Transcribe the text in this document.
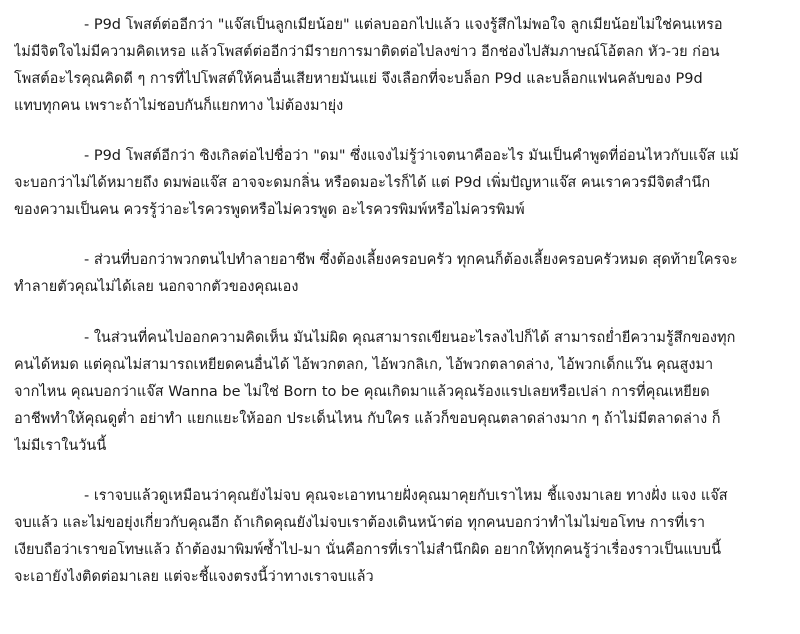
- P9d โพสต์ต่ออีกว่า "แจ๊สเป็นลูกเมียน้อย" แต่ลบออกไปแล้ว แจงรู้สึกไม่พอใจ ลูกเมียน้อยไม่ใช่คนเหรอ
ไม่มีจิตใจไม่มีความคิดเหรอ แล้วโพสต์ต่ออีกว่ามีรายการมาติดต่อไปลงข่าว อีกช่องไปสัมภาษณ์โอ้ตลก หัว-วย ก่อน
โพสต์อะไรคุณคิดดี ๆ การที่ไปโพสต์ให้คนอื่นเสียหายมันแย่ จึงเลือกที่จะบล็อก P9d และบล็อกแฟนคลับของ P9d
แทบทุกคน เพราะถ้าไม่ชอบกันก็แยกทาง ไม่ต้องมายุ่ง
- P9d โพสต์อีกว่า ซิงเกิลต่อไปชื่อว่า "ดม" ซึ่งแจงไม่รู้ว่าเจตนาคืออะไร มันเป็นคำพูดที่อ่อนไหวกับแจ๊ส แม้
จะบอกว่าไม่ได้หมายถึง ดมพ่อแจ๊ส อาจจะดมกลิ่น หรือดมอะไรก็ได้ แต่ P9d เพิ่มปัญหาแจ๊ส คนเราควรมีจิตสำนึก
ของความเป็นคน ควรรู้ว่าอะไรควรพูดหรือไม่ควรพูด อะไรควรพิมพ์หรือไม่ควรพิมพ์
- ส่วนที่บอกว่าพวกตนไปทำลายอาชีพ ซึ่งต้องเลี้ยงครอบครัว ทุกคนก็ต้องเลี้ยงครอบครัวหมด สุดท้ายใครจะ
ทำลายตัวคุณไม่ได้เลย นอกจากตัวของคุณเอง
- ในส่วนที่คนไปออกความคิดเห็น มันไม่ผิด คุณสามารถเขียนอะไรลงไปก็ได้ สามารถย่ำยีความรู้สึกของทุก
คนได้หมด แต่คุณไม่สามารถเหยียดคนอื่นได้ ไอ้พวกตลก, ไอ้พวกลิเก, ไอ้พวกตลาดล่าง, ไอ้พวกเด็กแว๊น คุณสูงมา
จากไหน คุณบอกว่าแจ๊ส Wanna be ไม่ใช่ Born to be คุณเกิดมาแล้วคุณร้องแรปเลยหรือเปล่า การที่คุณเหยียด
อาชีพทำให้คุณดูต่ำ อย่าทำ แยกแยะให้ออก ประเด็นไหน กับใคร แล้วก็ขอบคุณตลาดล่างมาก ๆ ถ้าไม่มีตลาดล่าง ก็
ไม่มีเราในวันนี้
- เราจบแล้วดูเหมือนว่าคุณยังไม่จบ คุณจะเอาทนายฝั่งคุณมาคุยกับเราไหม ชี้แจงมาเลย ทางฝั่ง แจง แจ๊ส
จบแล้ว และไม่ขอยุ่งเกี่ยวกับคุณอีก ถ้าเกิดคุณยังไม่จบเราต้องเดินหน้าต่อ ทุกคนบอกว่าทำไมไม่ขอโทษ การที่เรา
เงียบถือว่าเราขอโทษแล้ว ถ้าต้องมาพิมพ์ซ้ำไป-มา นั่นคือการที่เราไม่สำนึกผิด อยากให้ทุกคนรู้ว่าเรื่องราวเป็นแบบนี้
จะเอายังไงติดต่อมาเลย แต่จะชี้แจงตรงนี้ว่าทางเราจบแล้ว
